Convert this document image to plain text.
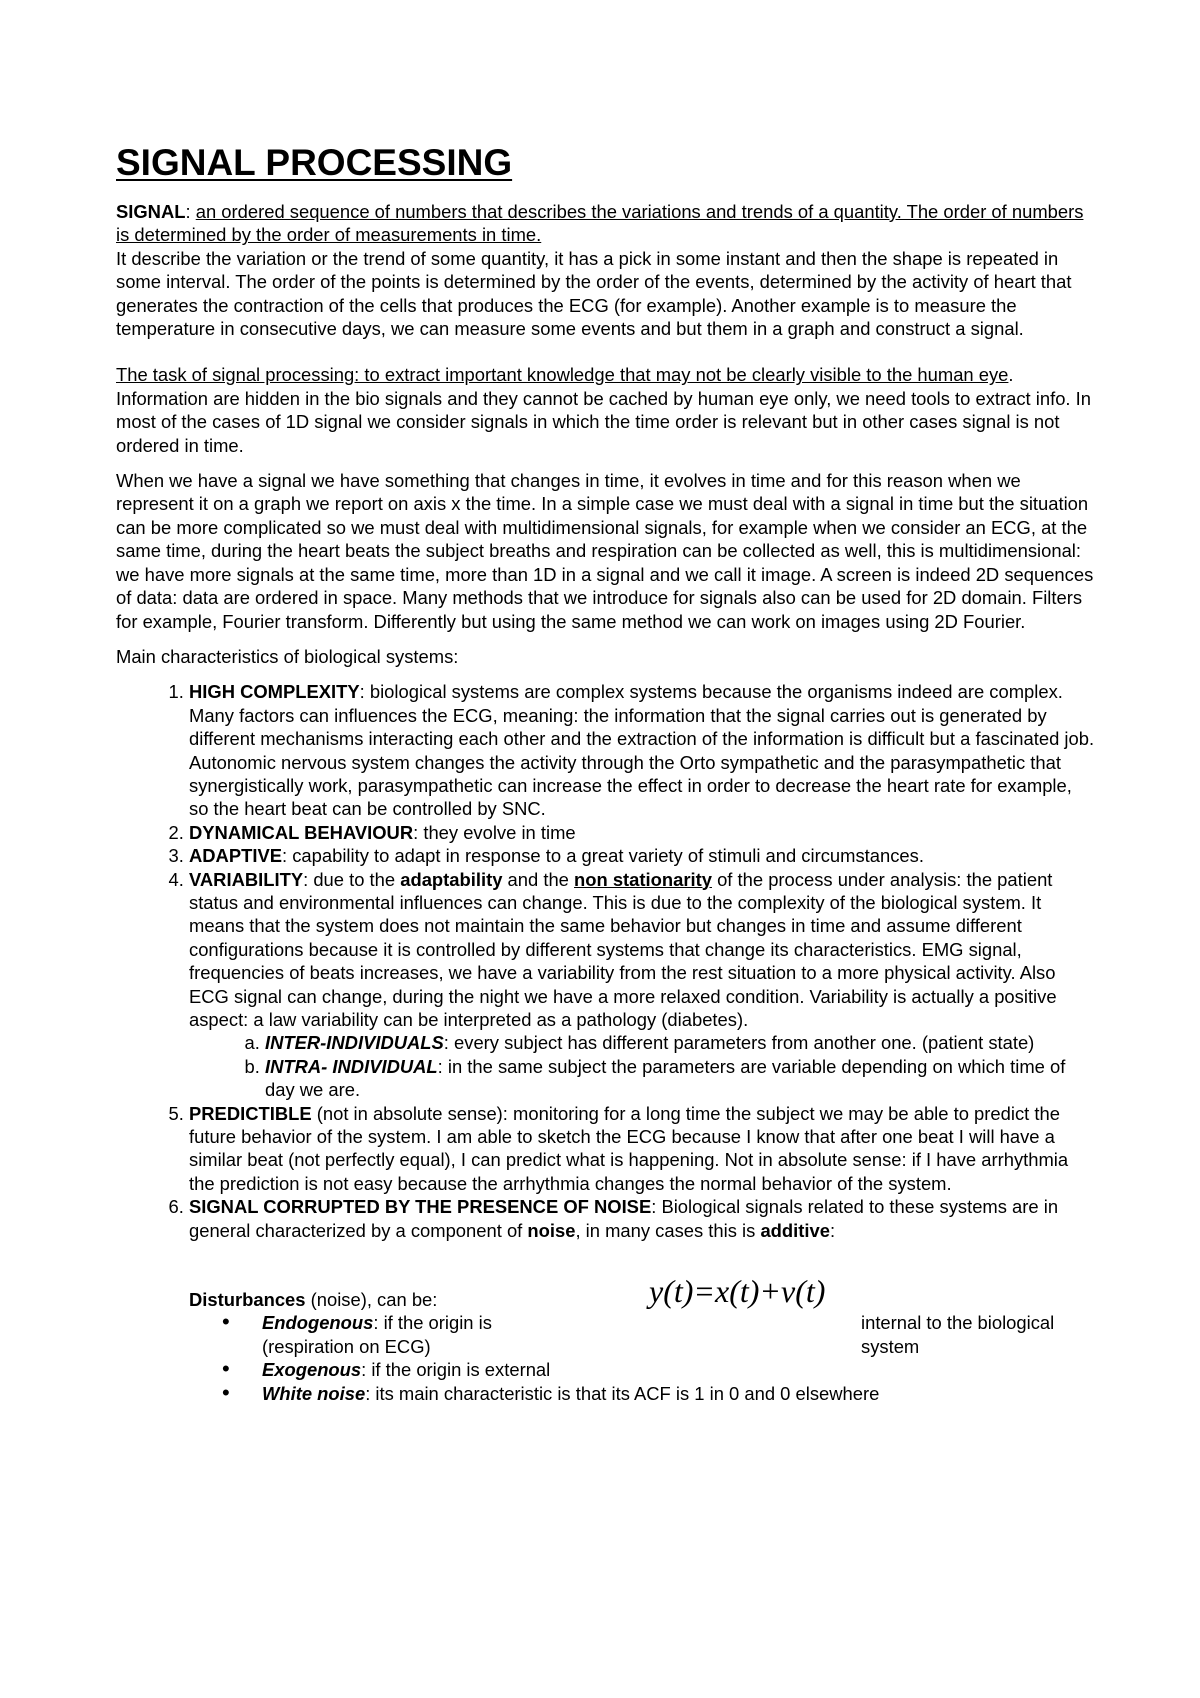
SIGNAL PROCESSING

SIGNAL: an ordered sequence of numbers that describes the variations and trends of a quantity. The order of numbers is determined by the order of measurements in time.

It describe the variation or the trend of some quantity, it has a pick in some instant and then the shape is repeated in some interval. The order of the points is determined by the order of the events, determined by the activity of heart that generates the contraction of the cells that produces the ECG (for example). Another example is to measure the temperature in consecutive days, we can measure some events and but them in a graph and construct a signal.

The task of signal processing: to extract important knowledge that may not be clearly visible to the human eye. Information are hidden in the bio signals and they cannot be cached by human eye only, we need tools to extract info. In most of the cases of 1D signal we consider signals in which the time order is relevant but in other cases signal is not ordered in time.

When we have a signal we have something that changes in time, it evolves in time and for this reason when we represent it on a graph we report on axis x the time. In a simple case we must deal with a signal in time but the situation can be more complicated so we must deal with multidimensional signals, for example when we consider an ECG, at the same time, during the heart beats the subject breaths and respiration can be collected as well, this is multidimensional: we have more signals at the same time, more than 1D in a signal and we call it image. A screen is indeed 2D sequences of data: data are ordered in space. Many methods that we introduce for signals also can be used for 2D domain. Filters for example, Fourier transform. Differently but using the same method we can work on images using 2D Fourier.

Main characteristics of biological systems:

1. HIGH COMPLEXITY: biological systems are complex systems because the organisms indeed are complex. Many factors can influences the ECG, meaning: the information that the signal carries out is generated by different mechanisms interacting each other and the extraction of the information is difficult but a fascinated job. Autonomic nervous system changes the activity through the Orto sympathetic and the parasympathetic that synergistically work, parasympathetic can increase the effect in order to decrease the heart rate for example, so the heart beat can be controlled by SNC.
2. DYNAMICAL BEHAVIOUR: they evolve in time
3. ADAPTIVE: capability to adapt in response to a great variety of stimuli and circumstances.
4. VARIABILITY: due to the adaptability and the non stationarity of the process under analysis: the patient status and environmental influences can change. This is due to the complexity of the biological system. It means that the system does not maintain the same behavior but changes in time and assume different configurations because it is controlled by different systems that change its characteristics. EMG signal, frequencies of beats increases, we have a variability from the rest situation to a more physical activity. Also ECG signal can change, during the night we have a more relaxed condition. Variability is actually a positive aspect: a law variability can be interpreted as a pathology (diabetes).
a. INTER-INDIVIDUALS: every subject has different parameters from another one. (patient state)
b. INTRA- INDIVIDUAL: in the same subject the parameters are variable depending on which time of day we are.
5. PREDICTIBLE (not in absolute sense): monitoring for a long time the subject we may be able to predict the future behavior of the system. I am able to sketch the ECG because I know that after one beat I will have a similar beat (not perfectly equal), I can predict what is happening. Not in absolute sense: if I have arrhythmia the prediction is not easy because the arrhythmia changes the normal behavior of the system.
6. SIGNAL CORRUPTED BY THE PRESENCE OF NOISE: Biological signals related to these systems are in general characterized by a component of noise, in many cases this is additive:

Disturbances (noise), can be:	y(t)=x(t)+v(t)
• Endogenous: if the origin is	internal to the biological system

(respiration on ECG)
• Exogenous: if the origin is external
• White noise: its main characteristic is that its ACF is 1 in 0 and 0 elsewhere
